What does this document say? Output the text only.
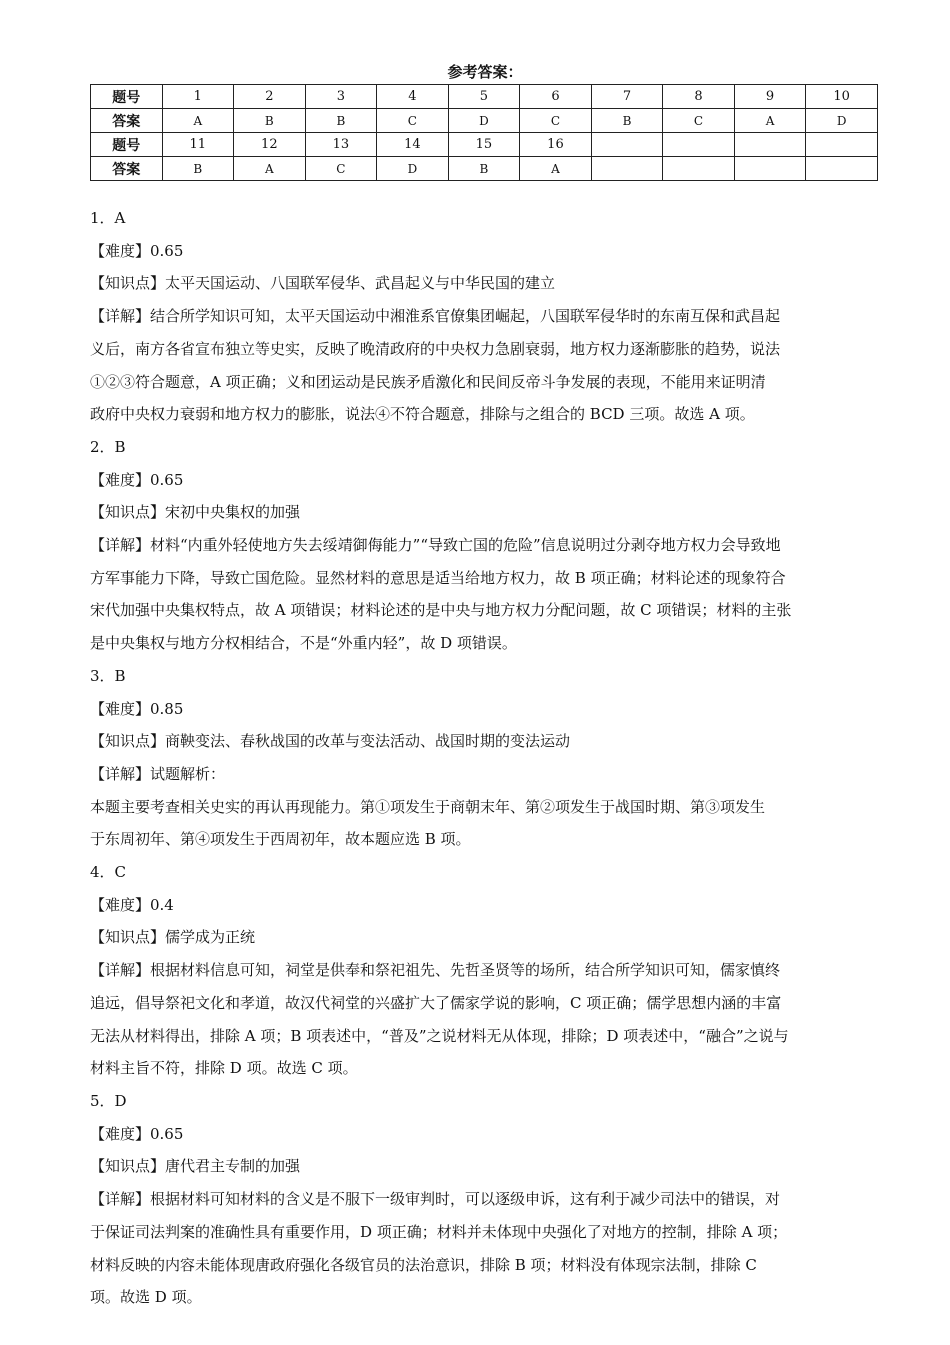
参考答案：
题号	1	2	3	4	5	6	7	8	9	10
答案	A	B	B	C	D	C	B	C	A	D
题号	11	12	13	14	15	16				
答案	B	A	C	D	B	A				
1．A
【难度】0.65
【知识点】太平天国运动、八国联军侵华、武昌起义与中华民国的建立
【详解】结合所学知识可知，太平天国运动中湘淮系官僚集团崛起，八国联军侵华时的东南互保和武昌起
义后，南方各省宣布独立等史实，反映了晚清政府的中央权力急剧衰弱，地方权力逐渐膨胀的趋势，说法
①②③符合题意，A 项正确；义和团运动是民族矛盾激化和民间反帝斗争发展的表现，不能用来证明清
政府中央权力衰弱和地方权力的膨胀，说法④不符合题意，排除与之组合的 BCD 三项。故选 A 项。
2．B
【难度】0.65
【知识点】宋初中央集权的加强
【详解】材料“内重外轻使地方失去绥靖御侮能力”“导致亡国的危险”信息说明过分剥夺地方权力会导致地
方军事能力下降，导致亡国危险。显然材料的意思是适当给地方权力，故 B 项正确；材料论述的现象符合
宋代加强中央集权特点，故 A 项错误；材料论述的是中央与地方权力分配问题，故 C 项错误；材料的主张
是中央集权与地方分权相结合，不是“外重内轻”，故 D 项错误。
3．B
【难度】0.85
【知识点】商鞅变法、春秋战国的改革与变法活动、战国时期的变法运动
【详解】试题解析：
本题主要考查相关史实的再认再现能力。第①项发生于商朝末年、第②项发生于战国时期、第③项发生
于东周初年、第④项发生于西周初年，故本题应选 B 项。
4．C
【难度】0.4
【知识点】儒学成为正统
【详解】根据材料信息可知，祠堂是供奉和祭祀祖先、先哲圣贤等的场所，结合所学知识可知，儒家慎终
追远，倡导祭祀文化和孝道，故汉代祠堂的兴盛扩大了儒家学说的影响，C 项正确；儒学思想内涵的丰富
无法从材料得出，排除 A 项；B 项表述中，“普及”之说材料无从体现，排除；D 项表述中，“融合”之说与
材料主旨不符，排除 D 项。故选 C 项。
5．D
【难度】0.65
【知识点】唐代君主专制的加强
【详解】根据材料可知材料的含义是不服下一级审判时，可以逐级申诉，这有利于减少司法中的错误，对
于保证司法判案的准确性具有重要作用，D 项正确；材料并未体现中央强化了对地方的控制，排除 A 项；
材料反映的内容未能体现唐政府强化各级官员的法治意识，排除 B 项；材料没有体现宗法制，排除 C
项。故选 D 项。
